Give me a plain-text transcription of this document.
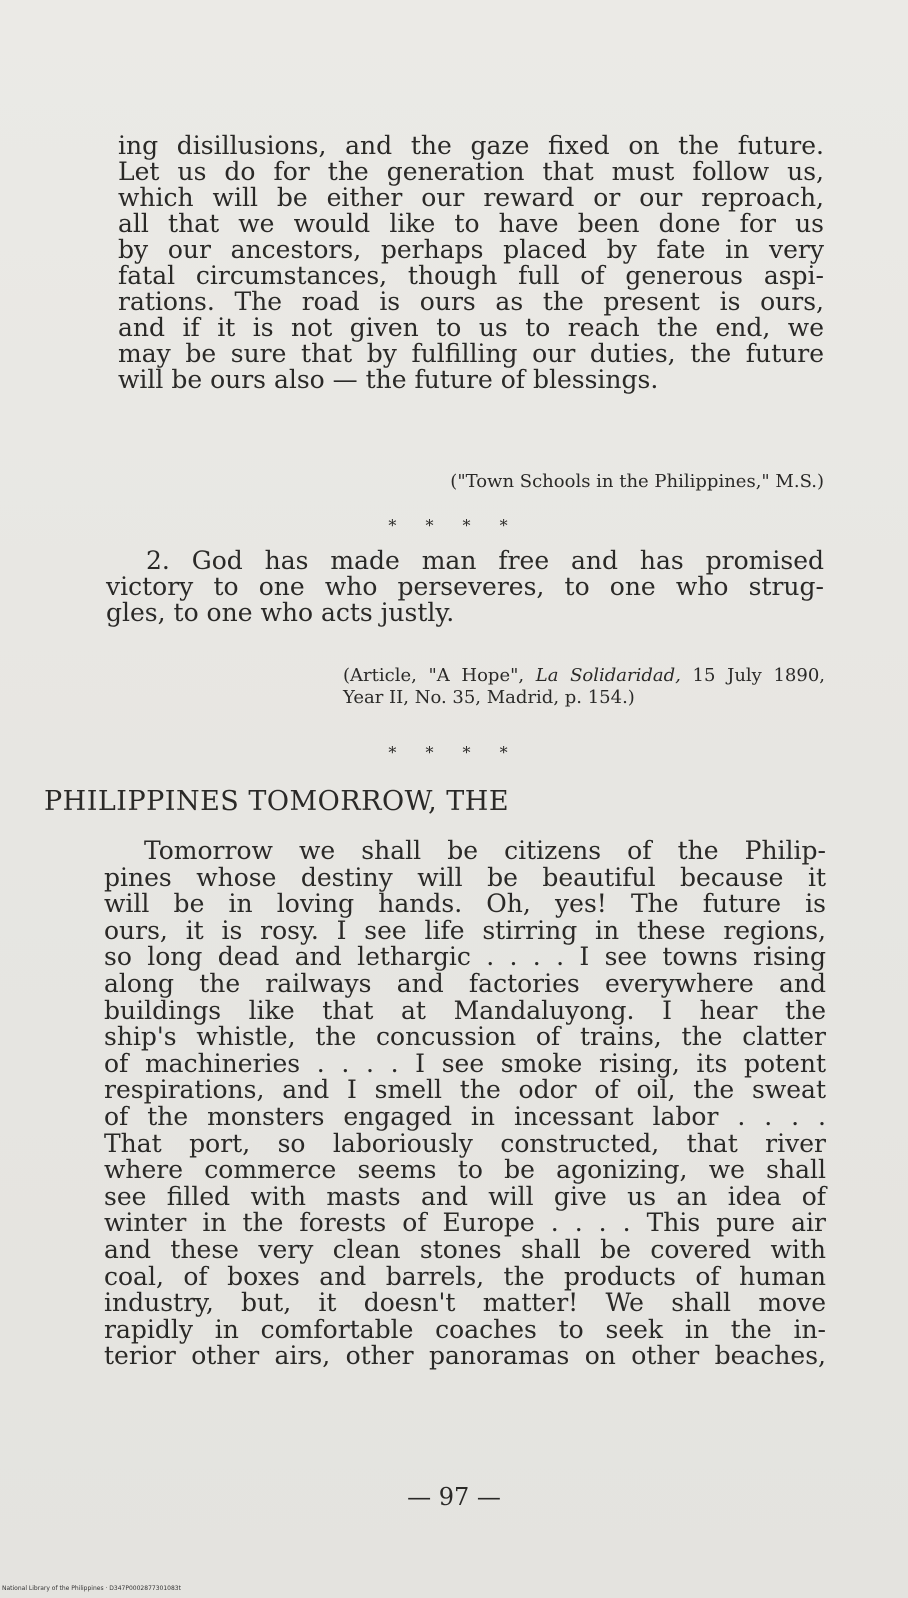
ing disillusions, and the gaze fixed on the future.
Let us do for the generation that must follow us,
which will be either our reward or our reproach,
all that we would like to have been done for us
by our ancestors, perhaps placed by fate in very
fatal circumstances, though full of generous aspi-
rations. The road is ours as the present is ours,
and if it is not given to us to reach the end, we
may be sure that by fulfilling our duties, the future
will be ours also — the future of blessings.
("Town Schools in the Philippines," M.S.)
* * * *
2. God has made man free and has promised
victory to one who perseveres, to one who strug-
gles, to one who acts justly.
(Article, "A Hope", La Solidaridad, 15 July 1890, Year II, No. 35, Madrid, p. 154.)
* * * *
PHILIPPINES TOMORROW, THE
Tomorrow we shall be citizens of the Philip-
pines whose destiny will be beautiful because it
will be in loving hands. Oh, yes! The future is
ours, it is rosy. I see life stirring in these regions,
so long dead and lethargic . . . . I see towns rising
along the railways and factories everywhere and
buildings like that at Mandaluyong. I hear the
ship's whistle, the concussion of trains, the clatter
of machineries . . . . I see smoke rising, its potent
respirations, and I smell the odor of oil, the sweat
of the monsters engaged in incessant labor . . . .
That port, so laboriously constructed, that river
where commerce seems to be agonizing, we shall
see filled with masts and will give us an idea of
winter in the forests of Europe . . . . This pure air
and these very clean stones shall be covered with
coal, of boxes and barrels, the products of human
industry, but, it doesn't matter! We shall move
rapidly in comfortable coaches to seek in the in-
terior other airs, other panoramas on other beaches,
— 97 —
National Library of the Philippines · D347P0002877301083t
